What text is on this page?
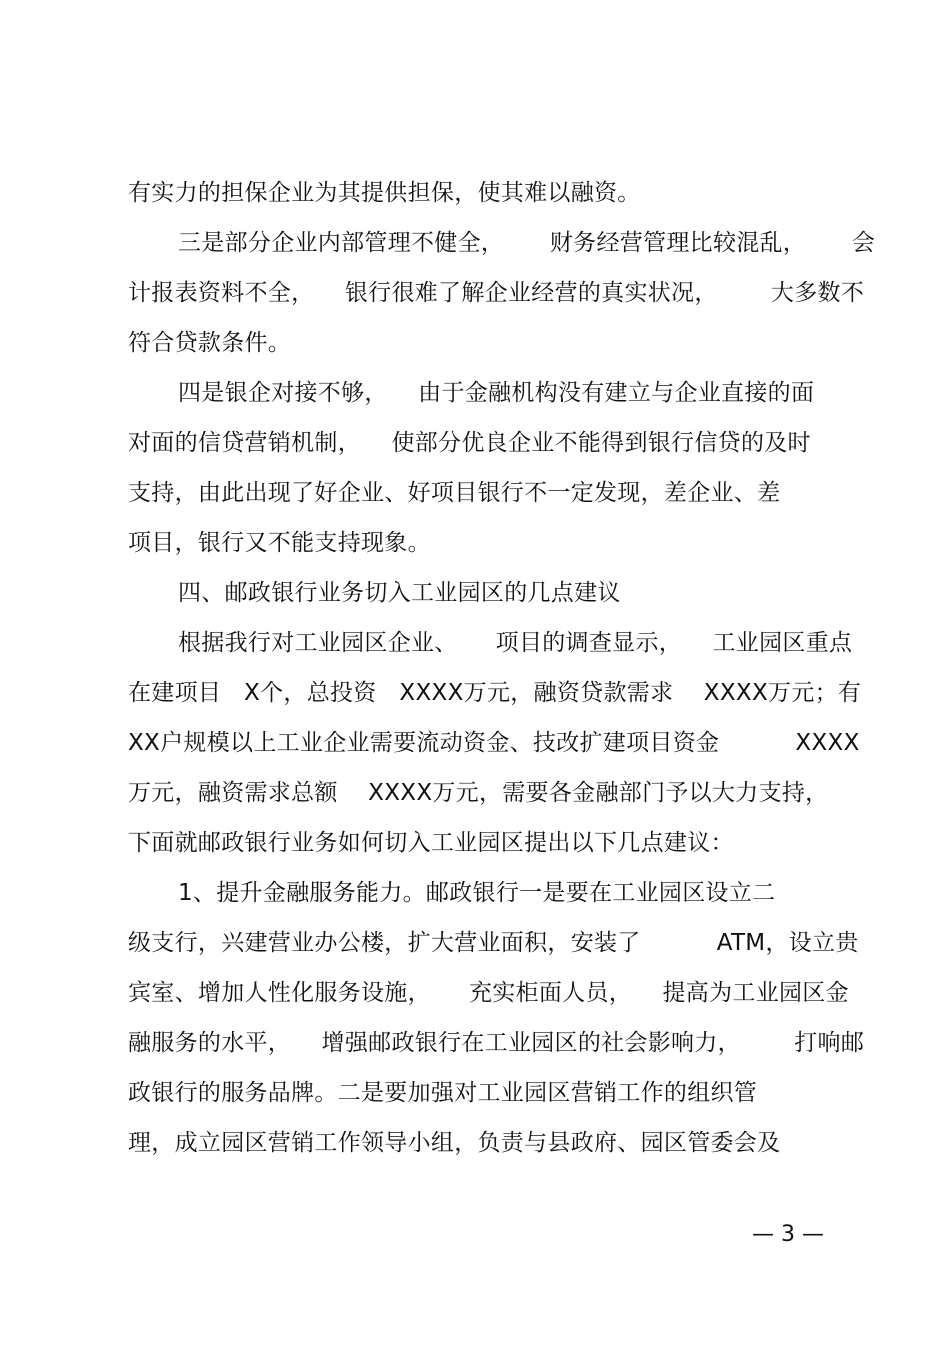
有实力的担保企业为其提供担保，使其难以融资。
三是部分企业内部管理不健全，      财务经营管理比较混乱，      会
计报表资料不全，    银行很难了解企业经营的真实状况，       大多数不
符合贷款条件。
四是银企对接不够，    由于金融机构没有建立与企业直接的面
对面的信贷营销机制，    使部分优良企业不能得到银行信贷的及时
支持，由此出现了好企业、好项目银行不一定发现，差企业、差
项目，银行又不能支持现象。
四、邮政银行业务切入工业园区的几点建议
根据我行对工业园区企业、     项目的调查显示，    工业园区重点
在建项目   X个，总投资   XXXX万元，融资贷款需求    XXXX万元；有
XX户规模以上工业企业需要流动资金、技改扩建项目资金          XXXX
万元，融资需求总额    XXXX万元，需要各金融部门予以大力支持，
下面就邮政银行业务如何切入工业园区提出以下几点建议：
1、提升金融服务能力。邮政银行一是要在工业园区设立二
级支行，兴建营业办公楼，扩大营业面积，安装了          ATM，设立贵
宾室、增加人性化服务设施，     充实柜面人员，    提高为工业园区金
融服务的水平，    增强邮政银行在工业园区的社会影响力，       打响邮
政银行的服务品牌。二是要加强对工业园区营销工作的组织管
理，成立园区营销工作领导小组，负责与县政府、园区管委会及
— 3 —
